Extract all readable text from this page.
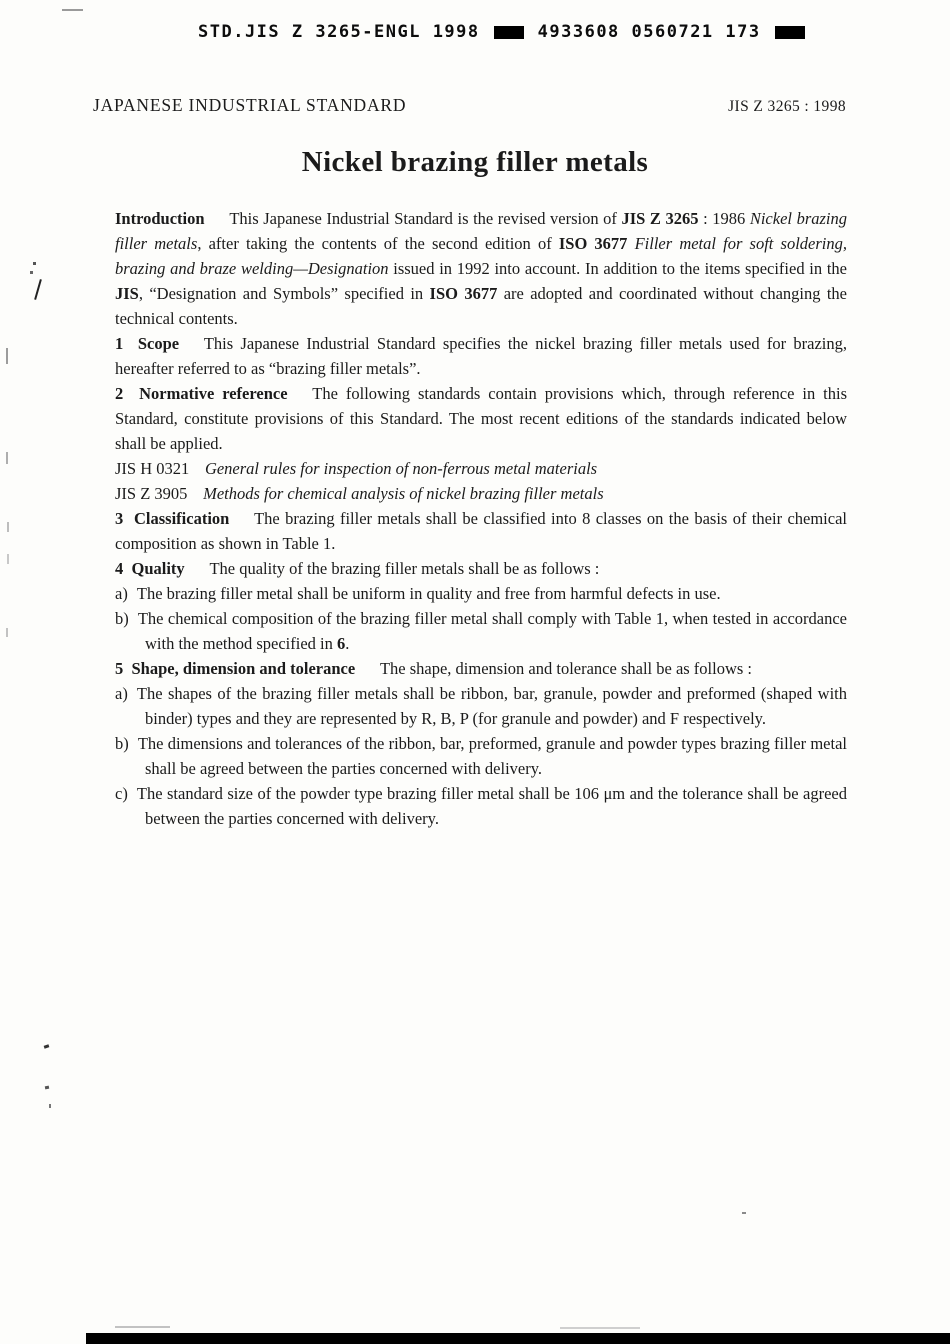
STD.JIS Z 3265-ENGL 1998	4933608 0560721 173
JAPANESE INDUSTRIAL STANDARD	JIS Z 3265 : 1998
Nickel brazing filler metals

Introduction This Japanese Industrial Standard is the revised version of JIS Z 3265 : 1986 Nickel brazing filler metals, after taking the contents of the second edition of ISO 3677 Filler metal for soft soldering, brazing and braze welding—Designation issued in 1992 into account. In addition to the items specified in the JIS, “Designation and Symbols” specified in ISO 3677 are adopted and coordinated without changing the technical contents.

1  Scope This Japanese Industrial Standard specifies the nickel brazing filler metals used for brazing, hereafter referred to as “brazing filler metals”.

2  Normative reference The following standards contain provisions which, through reference in this Standard, constitute provisions of this Standard. The most recent editions of the standards indicated below shall be applied.

JIS H 0321 General rules for inspection of non-ferrous metal materials

JIS Z 3905 Methods for chemical analysis of nickel brazing filler metals

3  Classification The brazing filler metals shall be classified into 8 classes on the basis of their chemical composition as shown in Table 1.

4  Quality The quality of the brazing filler metals shall be as follows :

a) The brazing filler metal shall be uniform in quality and free from harmful defects in use.
b) The chemical composition of the brazing filler metal shall comply with Table 1, when tested in accordance with the method specified in 6.

5  Shape, dimension and tolerance The shape, dimension and tolerance shall be as follows :

a) The shapes of the brazing filler metals shall be ribbon, bar, granule, powder and preformed (shaped with binder) types and they are represented by R, B, P (for granule and powder) and F respectively.
b) The dimensions and tolerances of the ribbon, bar, preformed, granule and powder types brazing filler metal shall be agreed between the parties concerned with delivery.
c) The standard size of the powder type brazing filler metal shall be 106 μm and the tolerance shall be agreed between the parties concerned with delivery.
